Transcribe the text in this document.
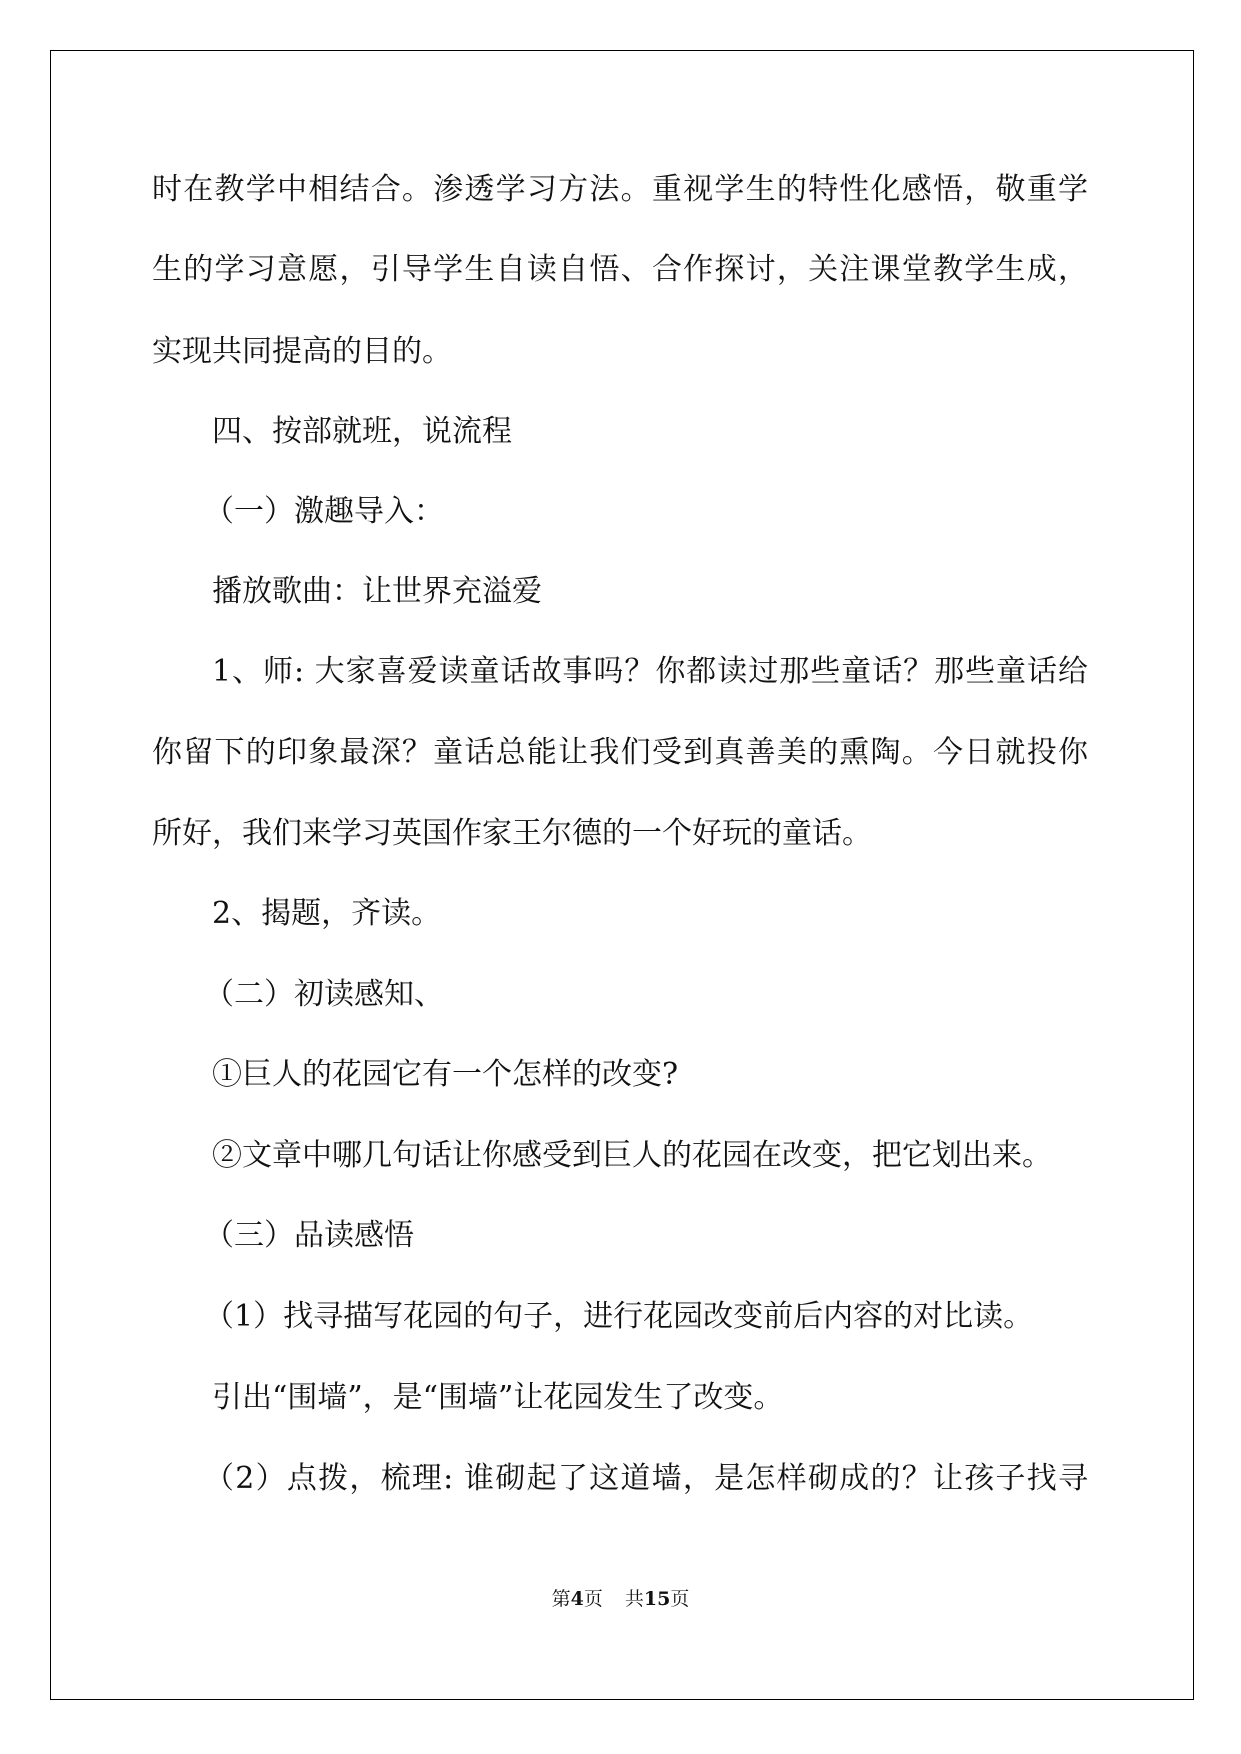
时在教学中相结合。渗透学习方法。重视学生的特性化感悟，敬重学
生的学习意愿，引导学生自读自悟、合作探讨，关注课堂教学生成，
实现共同提高的目的。
四、按部就班，说流程
（一）激趣导入：
播放歌曲：让世界充溢爱
1、师: 大家喜爱读童话故事吗？你都读过那些童话？那些童话给
你留下的印象最深？童话总能让我们受到真善美的熏陶。今日就投你
所好，我们来学习英国作家王尔德的一个好玩的童话。
2、揭题，齐读。
（二）初读感知、
①巨人的花园它有一个怎样的改变?
②文章中哪几句话让你感受到巨人的花园在改变，把它划出来。
（三）品读感悟
（1）找寻描写花园的句子，进行花园改变前后内容的对比读。
引出“围墙”，是“围墙”让花园发生了改变。
（2）点拨，梳理: 谁砌起了这道墙，是怎样砌成的？让孩子找寻
第4页 共15页
